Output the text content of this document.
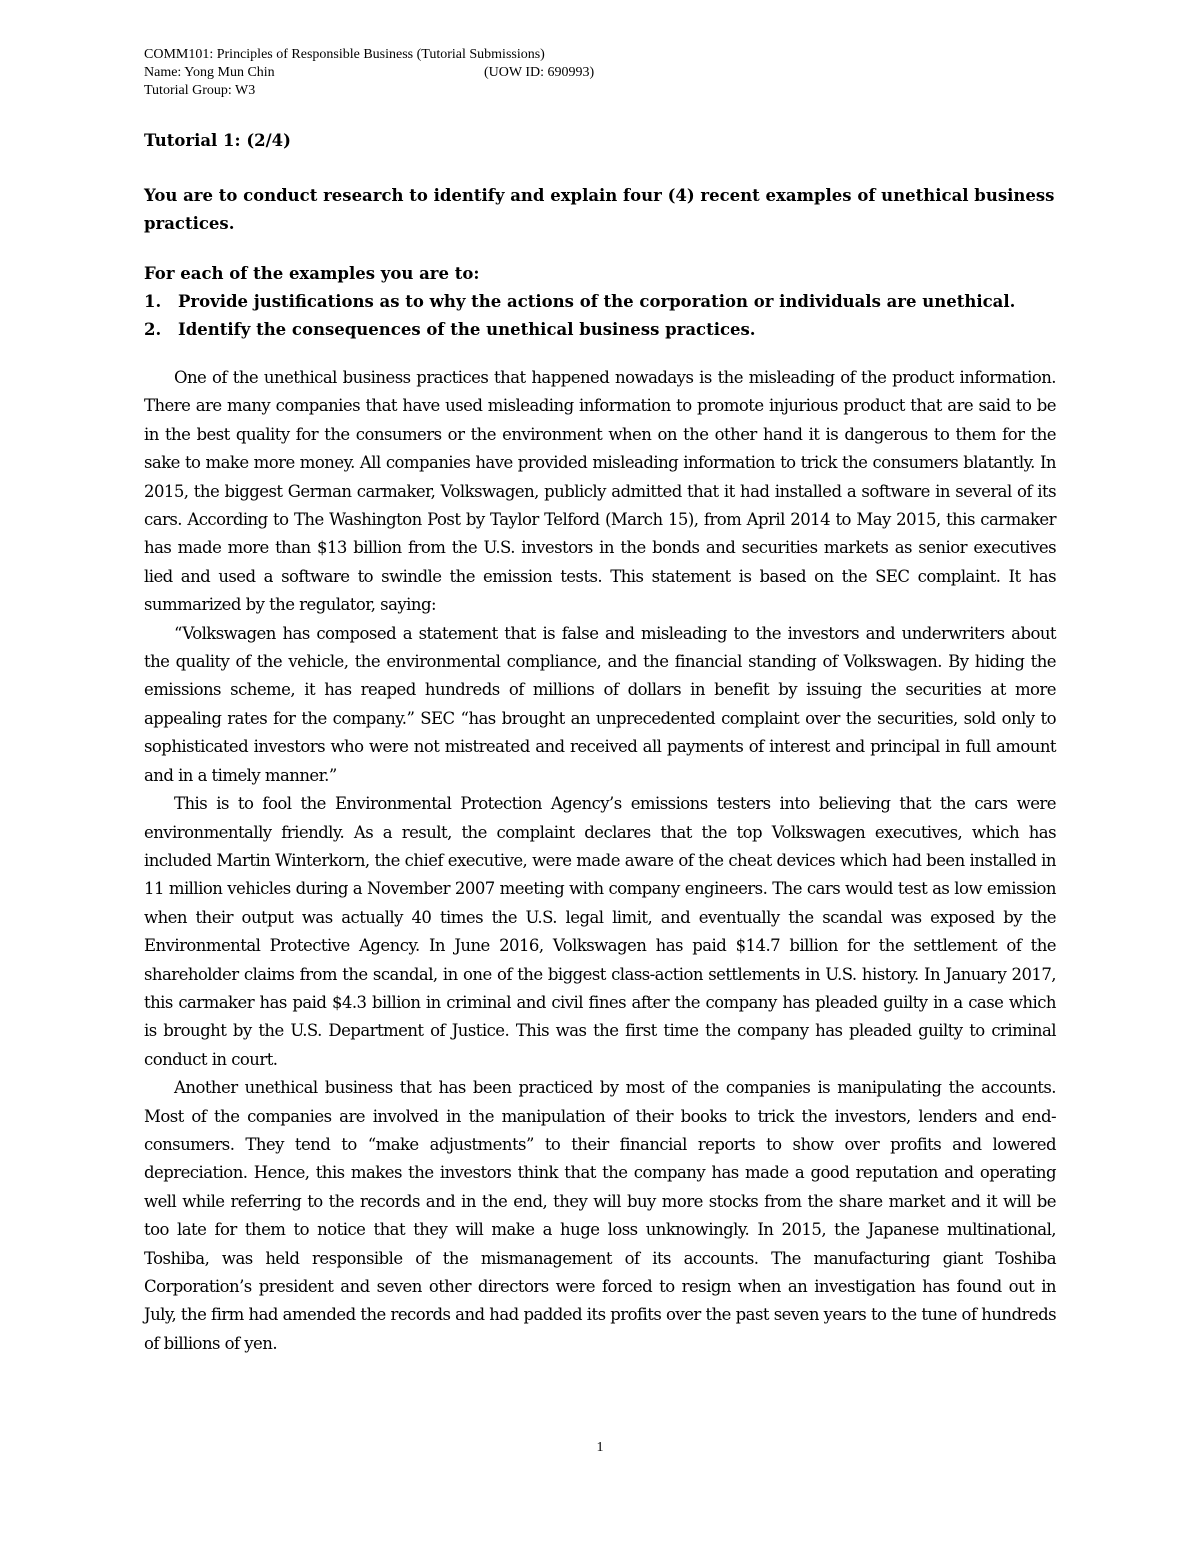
COMM101: Principles of Responsible Business (Tutorial Submissions)
Name: Yong Mun Chin	(UOW ID: 690993)
Tutorial Group: W3

Tutorial 1: (2/4)

You are to conduct research to identify and explain four (4) recent examples of unethical business practices.

For each of the examples you are to:

1. Provide justifications as to why the actions of the corporation or individuals are unethical.
2. Identify the consequences of the unethical business practices.

One of the unethical business practices that happened nowadays is the misleading of the product information. There are many companies that have used misleading information to promote injurious product that are said to be in the best quality for the consumers or the environment when on the other hand it is dangerous to them for the sake to make more money. All companies have provided misleading information to trick the consumers blatantly. In 2015, the biggest German carmaker, Volkswagen, publicly admitted that it had installed a software in several of its cars. According to The Washington Post by Taylor Telford (March 15), from April 2014 to May 2015, this carmaker has made more than $13 billion from the U.S. investors in the bonds and securities markets as senior executives lied and used a software to swindle the emission tests. This statement is based on the SEC complaint. It has summarized by the regulator, saying:

“Volkswagen has composed a statement that is false and misleading to the investors and underwriters about the quality of the vehicle, the environmental compliance, and the financial standing of Volkswagen. By hiding the emissions scheme, it has reaped hundreds of millions of dollars in benefit by issuing the securities at more appealing rates for the company.” SEC “has brought an unprecedented complaint over the securities, sold only to sophisticated investors who were not mistreated and received all payments of interest and principal in full amount and in a timely manner.”

This is to fool the Environmental Protection Agency’s emissions testers into believing that the cars were environmentally friendly. As a result, the complaint declares that the top Volkswagen executives, which has included Martin Winterkorn, the chief executive, were made aware of the cheat devices which had been installed in 11 million vehicles during a November 2007 meeting with company engineers. The cars would test as low emission when their output was actually 40 times the U.S. legal limit, and eventually the scandal was exposed by the Environmental Protective Agency. In June 2016, Volkswagen has paid $14.7 billion for the settlement of the shareholder claims from the scandal, in one of the biggest class-action settlements in U.S. history. In January 2017, this carmaker has paid $4.3 billion in criminal and civil fines after the company has pleaded guilty in a case which is brought by the U.S. Department of Justice. This was the first time the company has pleaded guilty to criminal conduct in court.

Another unethical business that has been practiced by most of the companies is manipulating the accounts. Most of the companies are involved in the manipulation of their books to trick the investors, lenders and end-consumers. They tend to “make adjustments” to their financial reports to show over profits and lowered depreciation. Hence, this makes the investors think that the company has made a good reputation and operating well while referring to the records and in the end, they will buy more stocks from the share market and it will be too late for them to notice that they will make a huge loss unknowingly. In 2015, the Japanese multinational, Toshiba, was held responsible of the mismanagement of its accounts. The manufacturing giant Toshiba Corporation’s president and seven other directors were forced to resign when an investigation has found out in July, the firm had amended the records and had padded its profits over the past seven years to the tune of hundreds of billions of yen.

1
